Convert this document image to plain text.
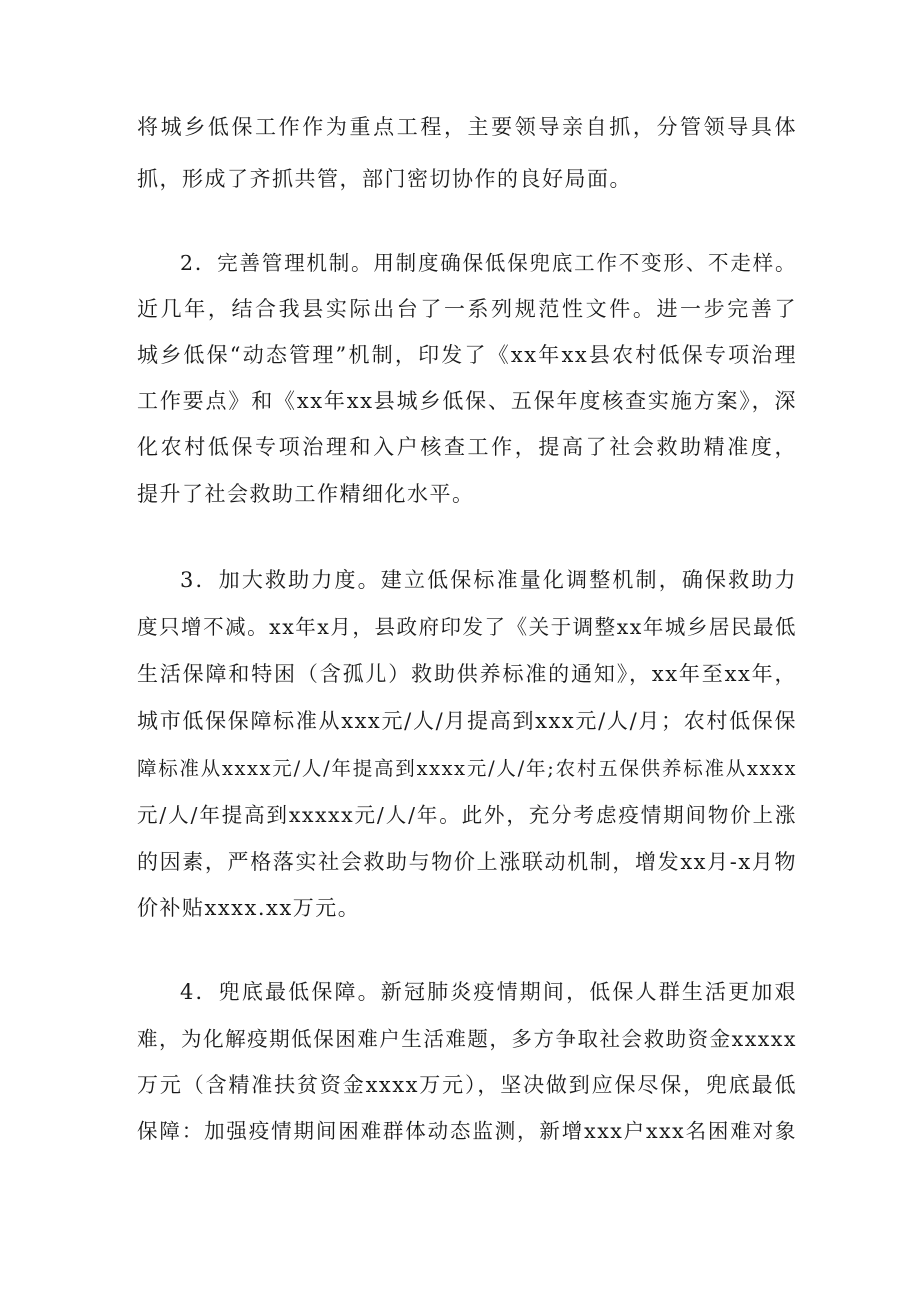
将城乡低保工作作为重点工程，主要领导亲自抓，分管领导具体
抓，形成了齐抓共管，部门密切协作的良好局面。
2．完善管理机制。用制度确保低保兜底工作不变形、不走样。
近几年，结合我县实际出台了一系列规范性文件。进一步完善了
城乡低保“动态管理”机制，印发了《xx年xx县农村低保专项治理
工作要点》和《xx年xx县城乡低保、五保年度核查实施方案》，深
化农村低保专项治理和入户核查工作，提高了社会救助精准度，
提升了社会救助工作精细化水平。
3．加大救助力度。建立低保标准量化调整机制，确保救助力
度只增不减。xx年x月，县政府印发了《关于调整xx年城乡居民最低
生活保障和特困（含孤儿）救助供养标准的通知》，xx年至xx年，
城市低保保障标准从xxx元/人/月提高到xxx元/人/月；农村低保保
障标准从xxxx元/人/年提高到xxxx元/人/年;农村五保供养标准从xxxx
元/人/年提高到xxxxx元/人/年。此外，充分考虑疫情期间物价上涨
的因素，严格落实社会救助与物价上涨联动机制，增发xx月-x月物
价补贴xxxx.xx万元。
4．兜底最低保障。新冠肺炎疫情期间，低保人群生活更加艰
难，为化解疫期低保困难户生活难题，多方争取社会救助资金xxxxx
万元（含精准扶贫资金xxxx万元），坚决做到应保尽保，兜底最低
保障：加强疫情期间困难群体动态监测，新增xxx户xxx名困难对象
